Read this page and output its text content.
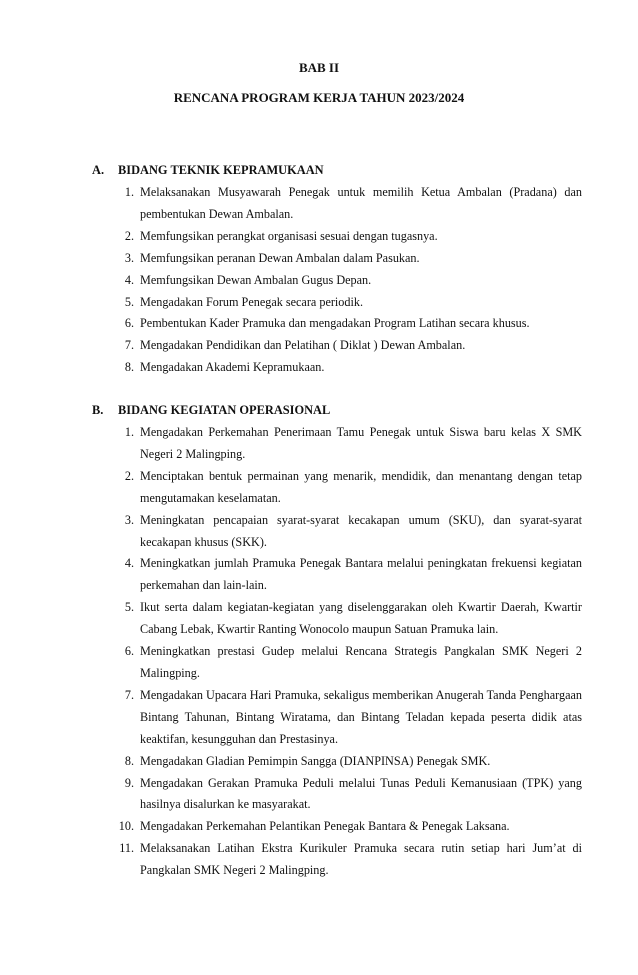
BAB II
RENCANA PROGRAM KERJA TAHUN 2023/2024
A.	BIDANG TEKNIK KEPRAMUKAAN
1. Melaksanakan Musyawarah Penegak untuk memilih Ketua Ambalan (Pradana) dan pembentukan Dewan Ambalan.
2. Memfungsikan perangkat organisasi sesuai dengan tugasnya.
3. Memfungsikan peranan Dewan Ambalan dalam Pasukan.
4. Memfungsikan Dewan Ambalan Gugus Depan.
5. Mengadakan Forum Penegak secara periodik.
6. Pembentukan Kader Pramuka dan mengadakan Program Latihan secara khusus.
7. Mengadakan Pendidikan dan Pelatihan ( Diklat ) Dewan Ambalan.
8. Mengadakan Akademi Kepramukaan.
B.	BIDANG KEGIATAN OPERASIONAL
1. Mengadakan Perkemahan Penerimaan Tamu Penegak untuk Siswa baru kelas X SMK Negeri 2 Malingping.
2. Menciptakan bentuk permainan yang menarik, mendidik, dan menantang dengan tetap mengutamakan keselamatan.
3. Meningkatan pencapaian syarat-syarat kecakapan umum (SKU), dan syarat-syarat kecakapan khusus (SKK).
4. Meningkatkan jumlah Pramuka Penegak Bantara melalui peningkatan frekuensi kegiatan perkemahan dan lain-lain.
5. Ikut serta dalam kegiatan-kegiatan yang diselenggarakan oleh Kwartir Daerah, Kwartir Cabang Lebak, Kwartir Ranting Wonocolo maupun Satuan Pramuka lain.
6. Meningkatkan prestasi Gudep melalui Rencana Strategis Pangkalan SMK Negeri 2 Malingping.
7. Mengadakan Upacara Hari Pramuka, sekaligus memberikan Anugerah Tanda Penghargaan Bintang Tahunan, Bintang Wiratama, dan Bintang Teladan kepada peserta didik atas keaktifan, kesungguhan dan Prestasinya.
8. Mengadakan Gladian Pemimpin Sangga (DIANPINSA) Penegak SMK.
9. Mengadakan Gerakan Pramuka Peduli melalui Tunas Peduli Kemanusiaan (TPK) yang hasilnya disalurkan ke masyarakat.
10. Mengadakan Perkemahan Pelantikan Penegak Bantara & Penegak Laksana.
11. Melaksanakan Latihan Ekstra Kurikuler Pramuka secara rutin setiap hari Jum’at di Pangkalan SMK Negeri 2 Malingping.
